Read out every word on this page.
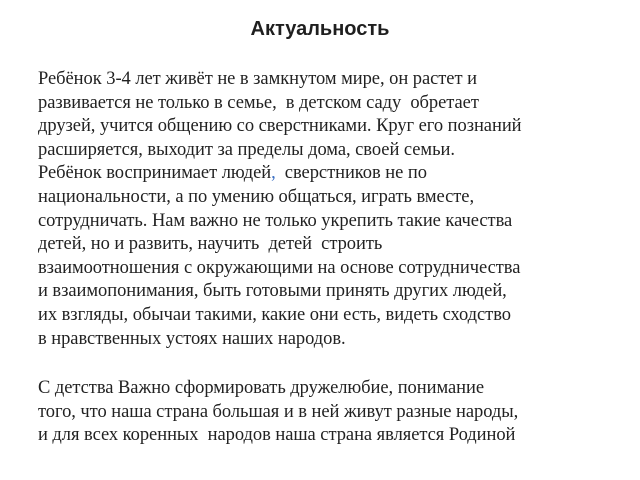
Актуальность
Ребёнок 3-4 лет живёт не в замкнутом мире, он растет и
развивается не только в семье,  в детском саду  обретает
друзей, учится общению со сверстниками. Круг его познаний
расширяется, выходит за пределы дома, своей семьи.
Ребёнок воспринимает людей,  сверстников не по
национальности, а по умению общаться, играть вместе,
сотрудничать. Нам важно не только укрепить такие качества
детей, но и развить, научить  детей  строить
взаимоотношения с окружающими на основе сотрудничества
и взаимопонимания, быть готовыми принять других людей,
их взгляды, обычаи такими, какие они есть, видеть сходство
в нравственных устоях наших народов.
С детства Важно сформировать дружелюбие, понимание
того, что наша страна большая и в ней живут разные народы,
и для всех коренных  народов наша страна является Родиной
